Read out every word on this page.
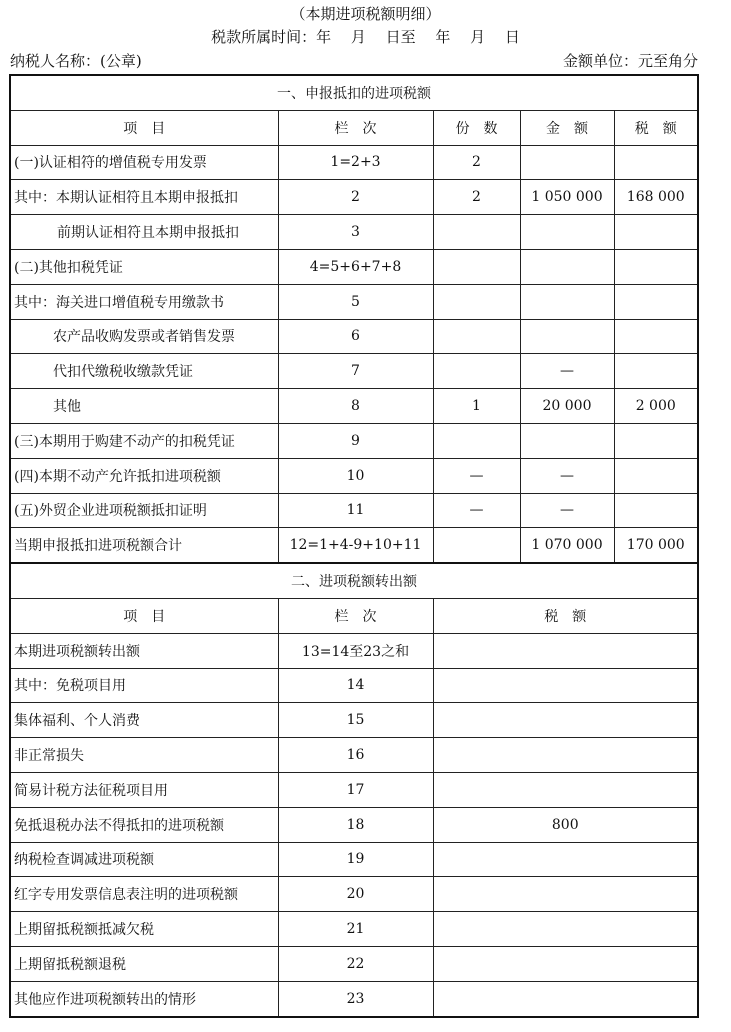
（本期进项税额明细）
税款所属时间：年　 月　 日至　 年　 月　 日
纳税人名称：(公章)	金额单位：元至角分
一、申报抵扣的进项税额				
项　目	栏　次	份　数	金　额	税　额
(一)认证相符的增值税专用发票	1=2+3	2		
其中：本期认证相符且本期申报抵扣	2	2	1 050 000	168 000
前期认证相符且本期申报抵扣	3			
(二)其他扣税凭证	4=5+6+7+8			
其中：海关进口增值税专用缴款书	5			
农产品收购发票或者销售发票	6			
代扣代缴税收缴款凭证	7		—	
其他	8	1	20 000	2 000
(三)本期用于购建不动产的扣税凭证	9			
(四)本期不动产允许抵扣进项税额	10	—	—	
(五)外贸企业进项税额抵扣证明	11	—	—	
当期申报抵扣进项税额合计	12=1+4-9+10+11		1 070 000	170 000
二、进项税额转出额				
项　目	栏　次	税　额		
本期进项税额转出额	13=14至23之和			
其中：免税项目用	14			
集体福利、个人消费	15			
非正常损失	16			
简易计税方法征税项目用	17			
免抵退税办法不得抵扣的进项税额	18	800		
纳税检查调减进项税额	19			
红字专用发票信息表注明的进项税额	20			
上期留抵税额抵减欠税	21			
上期留抵税额退税	22			
其他应作进项税额转出的情形	23			
